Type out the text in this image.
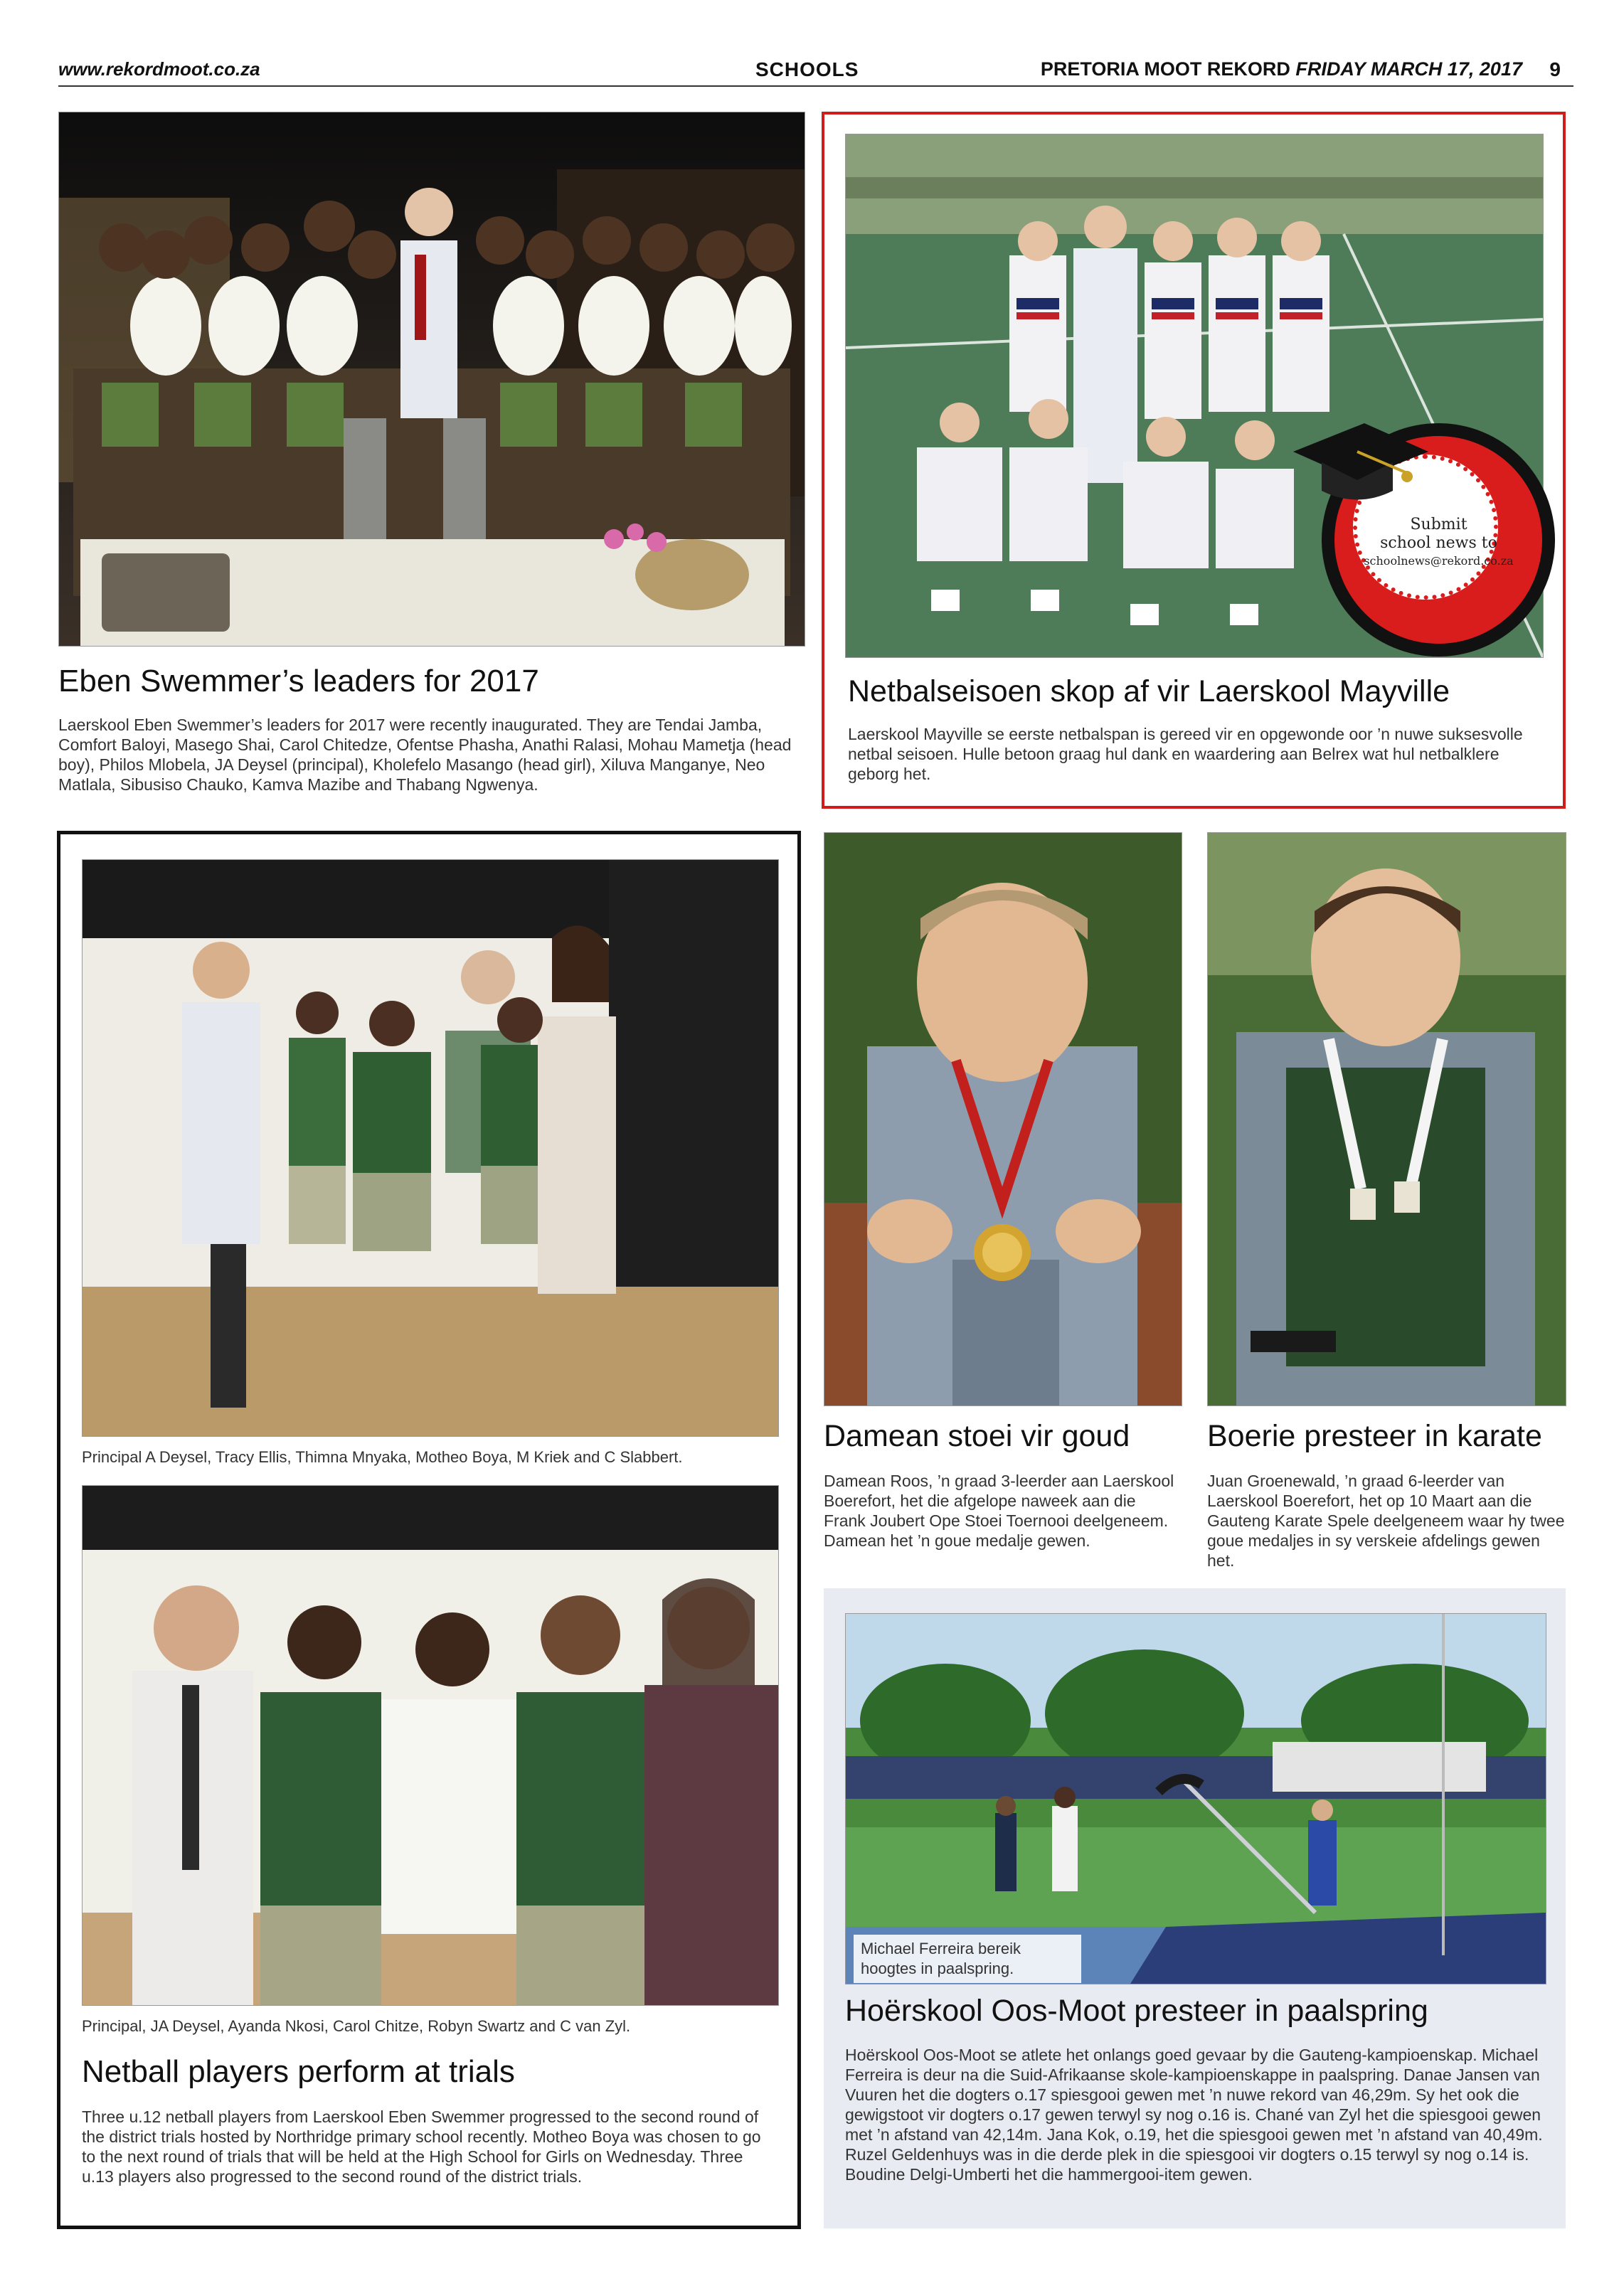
www.rekordmoot.co.za	SCHOOLS	PRETORIA MOOT REKORD FRIDAY MARCH 17, 2017 9
Eben Swemmer’s leaders for 2017

Laerskool Eben Swemmer’s leaders for 2017 were recently inaugurated. They are Tendai Jamba, Comfort Baloyi, Masego Shai, Carol Chitedze, Ofentse Phasha, Anathi Ralasi, Mohau Mametja (head boy), Philos Mlobela, JA Deysel (principal), Kholefelo Masango (head girl), Xiluva Manganye, Neo Matlala, Sibusiso Chauko, Kamva Mazibe and Thabang Ngwenya.

Submit
school news to
schoolnews@rekord.co.za
Netbalseisoen skop af vir Laerskool Mayville

Laerskool Mayville se eerste netbalspan is gereed vir en opgewonde oor ’n nuwe suksesvolle netbal seisoen. Hulle betoon graag hul dank en waardering aan Belrex wat hul netbalklere geborg het.

Principal A Deysel, Tracy Ellis, Thimna Mnyaka, Motheo Boya, M Kriek and C Slabbert.

Principal, JA Deysel, Ayanda Nkosi, Carol Chitze, Robyn Swartz and C van Zyl.

Netball players perform at trials

Three u.12 netball players from Laerskool Eben Swemmer progressed to the second round of the district trials hosted by Northridge primary school recently. Motheo Boya was chosen to go to the next round of trials that will be held at the High School for Girls on Wednesday. Three u.13 players also progressed to the second round of the district trials.

Damean stoei vir goud

Damean Roos, ’n graad 3-leerder aan Laerskool Boerefort, het die afgelope naweek aan die Frank Joubert Ope Stoei Toernooi deelgeneem. Damean het ’n goue medalje gewen.

Boerie presteer in karate

Juan Groenewald, ’n graad 6-leerder van Laerskool Boerefort, het op 10 Maart aan die Gauteng Karate Spele deelgeneem waar hy twee goue medaljes in sy verskeie afdelings gewen het.

Michael Ferreira bereik hoogtes in paalspring.
Hoërskool Oos-Moot presteer in paalspring

Hoërskool Oos-Moot se atlete het onlangs goed gevaar by die Gauteng-kampioenskap. Michael Ferreira is deur na die Suid-Afrikaanse skole-kampioenskappe in paalspring. Danae Jansen van Vuuren het die dogters o.17 spiesgooi gewen met ’n nuwe rekord van 46,29m. Sy het ook die gewigstoot vir dogters o.17 gewen terwyl sy nog o.16 is. Chané van Zyl het die spiesgooi gewen met ’n afstand van 42,14m. Jana Kok, o.19, het die spiesgooi gewen met ’n afstand van 40,49m. Ruzel Geldenhuys was in die derde plek in die spiesgooi vir dogters o.15 terwyl sy nog o.14 is. Boudine Delgi-Umberti het die hammergooi-item gewen.
